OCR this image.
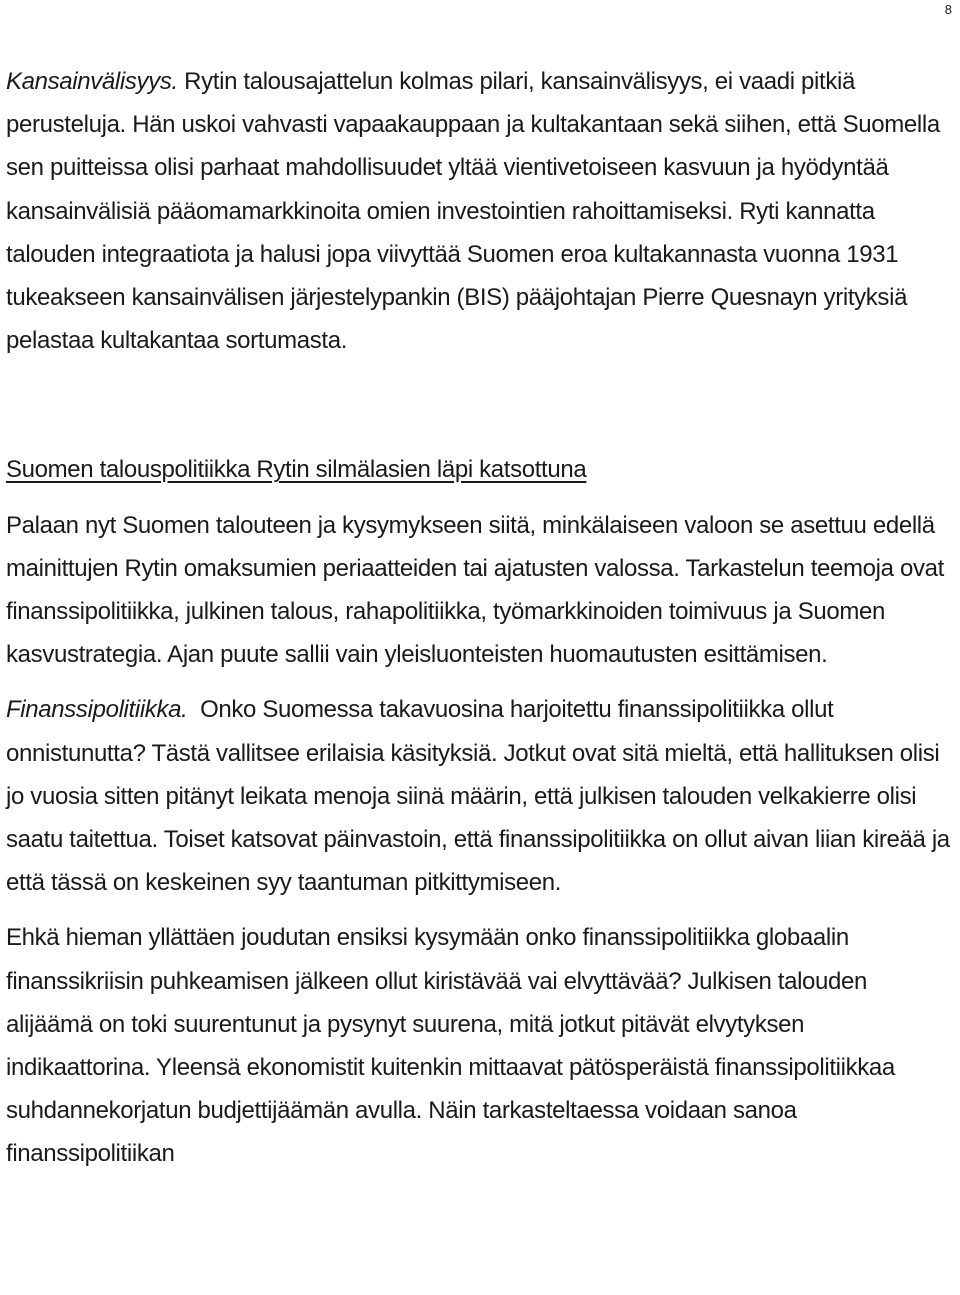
8

Kansainvälisyys. Rytin talousajattelun kolmas pilari, kansainvälisyys, ei vaadi pitkiä perusteluja. Hän uskoi vahvasti vapaakauppaan ja kultakantaan sekä siihen, että Suomella sen puitteissa olisi parhaat mahdollisuudet yltää vientivetoiseen kasvuun ja hyödyntää kansainvälisiä pääomamarkkinoita omien investointien rahoittamiseksi. Ryti kannatta talouden integraatiota ja halusi jopa viivyttää Suomen eroa kultakannasta vuonna 1931 tukeakseen kansainvälisen järjestelypankin (BIS) pääjohtajan Pierre Quesnayn yrityksiä pelastaa kultakantaa sortumasta.

Suomen talouspolitiikka Rytin silmälasien läpi katsottuna

Palaan nyt Suomen talouteen ja kysymykseen siitä, minkälaiseen valoon se asettuu edellä mainittujen Rytin omaksumien periaatteiden tai ajatusten valossa. Tarkastelun teemoja ovat finanssipolitiikka, julkinen talous, rahapolitiikka, työmarkkinoiden toimivuus ja Suomen kasvustrategia. Ajan puute sallii vain yleisluonteisten huomautusten esittämisen.

Finanssipolitiikka.  Onko Suomessa takavuosina harjoitettu finanssipolitiikka ollut onnistunutta? Tästä vallitsee erilaisia käsityksiä. Jotkut ovat sitä mieltä, että hallituksen olisi jo vuosia sitten pitänyt leikata menoja siinä määrin, että julkisen talouden velkakierre olisi saatu taitettua. Toiset katsovat päinvastoin, että finanssipolitiikka on ollut aivan liian kireää ja että tässä on keskeinen syy taantuman pitkittymiseen.

Ehkä hieman yllättäen joudutan ensiksi kysymään onko finanssipolitiikka globaalin finanssikriisin puhkeamisen jälkeen ollut kiristävää vai elvyttävää? Julkisen talouden alijäämä on toki suurentunut ja pysynyt suurena, mitä jotkut pitävät elvytyksen indikaattorina. Yleensä ekonomistit kuitenkin mittaavat pätösperäistä finanssipolitiikkaa suhdannekorjatun budjettijäämän avulla. Näin tarkasteltaessa voidaan sanoa finanssipolitiikan
